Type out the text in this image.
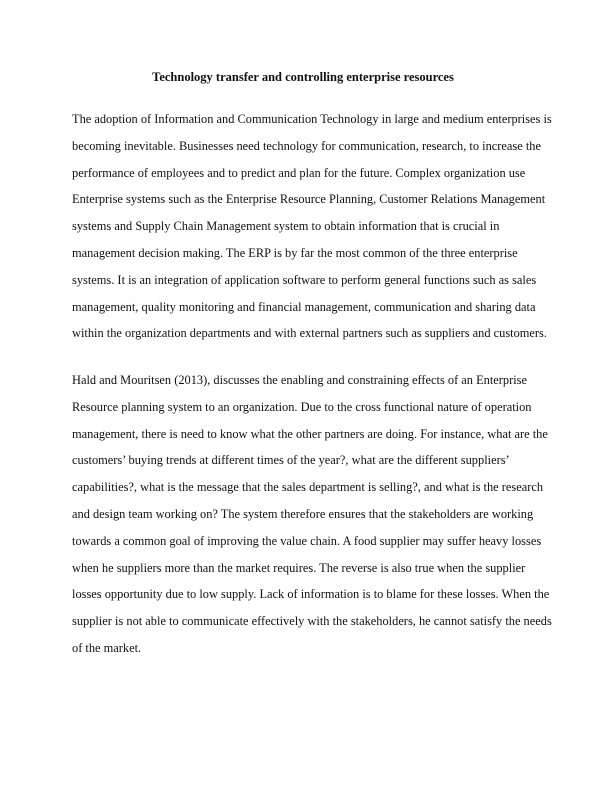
Technology transfer and controlling enterprise resources

The adoption of Information and Communication Technology in large and medium enterprises is
becoming inevitable. Businesses need technology for communication, research, to increase the
performance of employees and to predict and plan for the future. Complex organization use
Enterprise systems such as the Enterprise Resource Planning, Customer Relations Management
systems and Supply Chain Management system to obtain information that is crucial in
management decision making. The ERP is by far the most common of the three enterprise
systems. It is an integration of application software to perform general functions such as sales
management, quality monitoring and financial management, communication and sharing data
within the organization departments and with external partners such as suppliers and customers.

Hald and Mouritsen (2013), discusses the enabling and constraining effects of an Enterprise
Resource planning system to an organization. Due to the cross functional nature of operation
management, there is need to know what the other partners are doing. For instance, what are the
customers’ buying trends at different times of the year?, what are the different suppliers’
capabilities?, what is the message that the sales department is selling?, and what is the research
and design team working on? The system therefore ensures that the stakeholders are working
towards a common goal of improving the value chain. A food supplier may suffer heavy losses
when he suppliers more than the market requires. The reverse is also true when the supplier
losses opportunity due to low supply. Lack of information is to blame for these losses. When the
supplier is not able to communicate effectively with the stakeholders, he cannot satisfy the needs
of the market.
